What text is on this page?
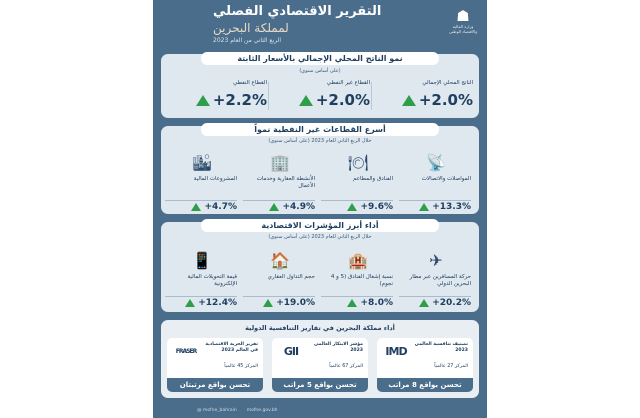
☗
وزارة المالية والاقتصاد الوطني
التقرير الاقتصادي الفصلي
لمملكة البحرين
الربع الثاني من العام 2023
نمو الناتج المحلي الإجمالي بالأسعار الثابتة
(على أساس سنوي)
الناتج المحلي الإجمالي
+2.0%
القطاع غير النفطي
+2.0%
القطاع النفطي
+2.2%
أسرع القطاعات غير النفطية نمواً
خلال الربع الثاني للعام 2023 (على أساس سنوي)
📡
المواصلات والاتصالات
+13.3%
🍽
الفنادق والمطاعم
+9.6%
🏢
الأنشطة العقارية وخدمات الأعمال
+4.9%
🏙
المشروعات المالية
+4.7%
أداء أبرز المؤشرات الاقتصادية
خلال الربع الثاني للعام 2023 (على أساس سنوي)
✈
حركة المسافرين عبر مطار البحرين الدولي
+20.2%
🏨
نسبة إشغال الفنادق (5 و 4 نجوم)
+8.0%
🏠
حجم التداول العقاري
+19.0%
📱
قيمة التحويلات المالية الإلكترونية
+12.4%
أداء مملكة البحرين في تقارير التنافسية الدولية
IMD
تصنيف تنافسية العالمي 2023
المركز 27 عالمياً
تحسن بواقع 8 مراتب
GII
مؤشر الابتكار العالمي 2023
المركز 67 عالمياً
تحسن بواقع 5 مراتب
FRASER
تقرير الحرية الاقتصادية في العالم 2023
المركز 45 عالمياً
تحسن بواقع مرتبتان
@ mofne_bahrain mofne.gov.bh
